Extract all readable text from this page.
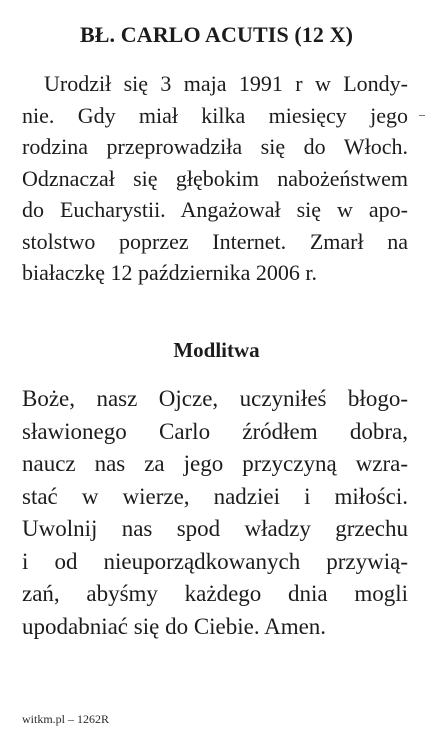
BŁ. CARLO ACUTIS (12 X)
Urodził się 3 maja 1991 r w Londy-
nie. Gdy miał kilka miesięcy jego
rodzina przeprowadziła się do Włoch.
Odznaczał się głębokim nabożeństwem
do Eucharystii. Angażował się w apo-
stolstwo poprzez Internet. Zmarł na
białaczkę 12 października 2006 r.
Modlitwa
Boże, nasz Ojcze, uczyniłeś błogo-
sławionego Carlo źródłem dobra,
naucz nas za jego przyczyną wzra-
stać w wierze, nadziei i miłości.
Uwolnij nas spod władzy grzechu
i od nieuporządkowanych przywią-
zań, abyśmy każdego dnia mogli
upodabniać się do Ciebie. Amen.
witkm.pl – 1262R
